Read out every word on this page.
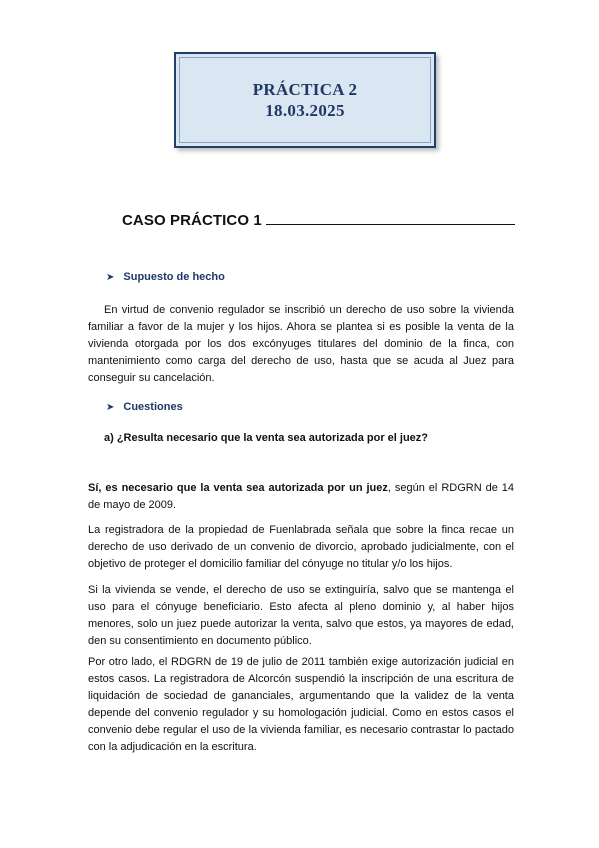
PRÁCTICA 2
18.03.2025
CASO PRÁCTICO 1
➤ Supuesto de hecho
En virtud de convenio regulador se inscribió un derecho de uso sobre la vivienda familiar a favor de la mujer y los hijos. Ahora se plantea si es posible la venta de la vivienda otorgada por los dos excónyuges titulares del dominio de la finca, con mantenimiento como carga del derecho de uso, hasta que se acuda al Juez para conseguir su cancelación.
➤ Cuestiones
a) ¿Resulta necesario que la venta sea autorizada por el juez?
Sí, es necesario que la venta sea autorizada por un juez, según el RDGRN de 14 de mayo de 2009.
La registradora de la propiedad de Fuenlabrada señala que sobre la finca recae un derecho de uso derivado de un convenio de divorcio, aprobado judicialmente, con el objetivo de proteger el domicilio familiar del cónyuge no titular y/o los hijos.
Si la vivienda se vende, el derecho de uso se extinguiría, salvo que se mantenga el uso para el cónyuge beneficiario. Esto afecta al pleno dominio y, al haber hijos menores, solo un juez puede autorizar la venta, salvo que estos, ya mayores de edad, den su consentimiento en documento público.
Por otro lado, el RDGRN de 19 de julio de 2011 también exige autorización judicial en estos casos. La registradora de Alcorcón suspendió la inscripción de una escritura de liquidación de sociedad de gananciales, argumentando que la validez de la venta depende del convenio regulador y su homologación judicial. Como en estos casos el convenio debe regular el uso de la vivienda familiar, es necesario contrastar lo pactado con la adjudicación en la escritura.
